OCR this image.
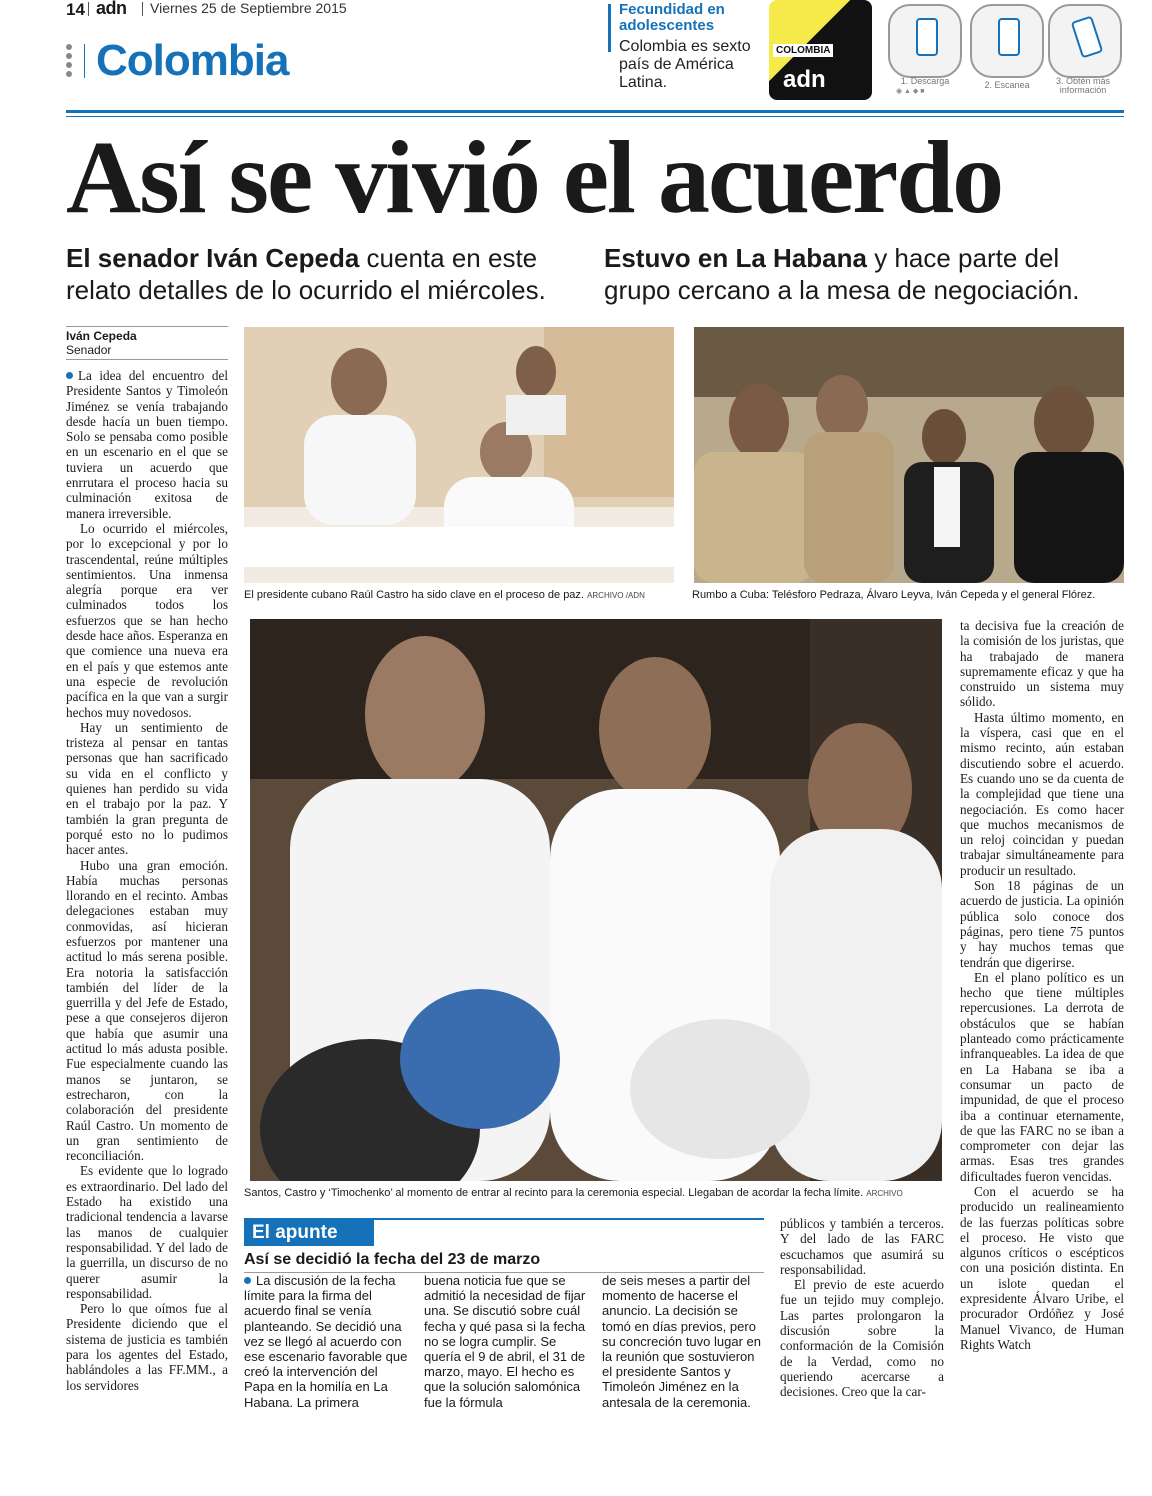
14 adn Viernes 25 de Septiembre 2015
Colombia
Fecundidad en adolescentes
Colombia es sexto país de América Latina.
COLOMBIA
adn	1. Descarga
◉ ▲ ◆ ■
2. Escanea	3. Obtén más información
Así se vivió el acuerdo
El senador Iván Cepeda cuenta en este relato detalles de lo ocurrido el miércoles.
Estuvo en La Habana y hace parte del grupo cercano a la mesa de negociación.
Iván Cepeda
Senador

La idea del encuentro del Presidente Santos y Timoleón Jiménez se venía trabajando desde hacía un buen tiempo. Solo se pensaba como posible en un escenario en el que se tuviera un acuerdo que enrrutara el proceso hacia su culminación exitosa de manera irreversible.

Lo ocurrido el miércoles, por lo excepcional y por lo trascendental, reúne múltiples sentimientos. Una inmensa alegría porque era ver culminados todos los esfuerzos que se han hecho desde hace años. Esperanza en que comience una nueva era en el país y que estemos ante una especie de revolución pacífica en la que van a surgir hechos muy novedosos.

Hay un sentimiento de tristeza al pensar en tantas personas que han sacrificado su vida en el conflicto y quienes han perdido su vida en el trabajo por la paz. Y también la gran pregunta de porqué esto no lo pudimos hacer antes.

Hubo una gran emoción. Había muchas personas llorando en el recinto. Ambas delegaciones estaban muy conmovidas, así hicieran esfuerzos por mantener una actitud lo más serena posible. Era notoria la satisfacción también del líder de la guerrilla y del Jefe de Estado, pese a que consejeros dijeron que había que asumir una actitud lo más adusta posible. Fue especialmente cuando las manos se juntaron, se estrecharon, con la colaboración del presidente Raúl Castro. Un momento de un gran sentimiento de reconciliación.

Es evidente que lo logrado es extraordinario. Del lado del Estado ha existido una tradicional tendencia a lavarse las manos de cualquier responsabilidad. Y del lado de la guerrilla, un discurso de no querer asumir la responsabilidad.

Pero lo que oímos fue al Presidente diciendo que el sistema de justicia es también para los agentes del Estado, hablándoles a las FF.MM., a los servidores

El presidente cubano Raúl Castro ha sido clave en el proceso de paz. ARCHIVO /ADN	Rumbo a Cuba: Telésforo Pedraza, Álvaro Leyva, Iván Cepeda y el general Flórez.
Santos, Castro y ‘Timochenko’ al momento de entrar al recinto para la ceremonia especial. Llegaban de acordar la fecha límite. ARCHIVO

ta decisiva fue la creación de la comisión de los juristas, que ha trabajado de manera supremamente eficaz y que ha construido un sistema muy sólido.

Hasta último momento, en la víspera, casi que en el mismo recinto, aún estaban discutiendo sobre el acuerdo. Es cuando uno se da cuenta de la complejidad que tiene una negociación. Es como hacer que muchos mecanismos de un reloj coincidan y puedan trabajar simultáneamente para producir un resultado.

Son 18 páginas de un acuerdo de justicia. La opinión pública solo conoce dos páginas, pero tiene 75 puntos y hay muchos temas que tendrán que digerirse.

En el plano político es un hecho que tiene múltiples repercusiones. La derrota de obstáculos que se habían planteado como prácticamente infranqueables. La idea de que en La Habana se iba a consumar un pacto de impunidad, de que el proceso iba a continuar eternamente, de que las FARC no se iban a comprometer con dejar las armas. Esas tres grandes dificultades fueron vencidas.

Con el acuerdo se ha producido un realineamiento de las fuerzas políticas sobre el proceso. He visto que algunos críticos o escépticos con una posición distinta. En un islote quedan el expresidente Álvaro Uribe, el procurador Ordóñez y José Manuel Vivanco, de Human Rights Watch

públicos y también a terceros. Y del lado de las FARC escuchamos que asumirá su responsabilidad.

El previo de este acuerdo fue un tejido muy complejo. Las partes prolongaron la discusión sobre la conformación de la Comisión de la Verdad, como no queriendo acercarse a decisiones. Creo que la car-

El apunte
Así se decidió la fecha del 23 de marzo

La discusión de la fecha límite para la firma del acuerdo final se venía planteando. Se decidió una vez se llegó al acuerdo con ese escenario favorable que creó la intervención del Papa en la homilía en La Habana. La primera

buena noticia fue que se admitió la necesidad de fijar una. Se discutió sobre cuál fecha y qué pasa si la fecha no se logra cumplir. Se quería el 9 de abril, el 31 de marzo, mayo. El hecho es que la solución salomónica fue la fórmula

de seis meses a partir del momento de hacerse el anuncio. La decisión se tomó en días previos, pero su concreción tuvo lugar en la reunión que sostuvieron el presidente Santos y Timoleón Jiménez en la antesala de la ceremonia.
